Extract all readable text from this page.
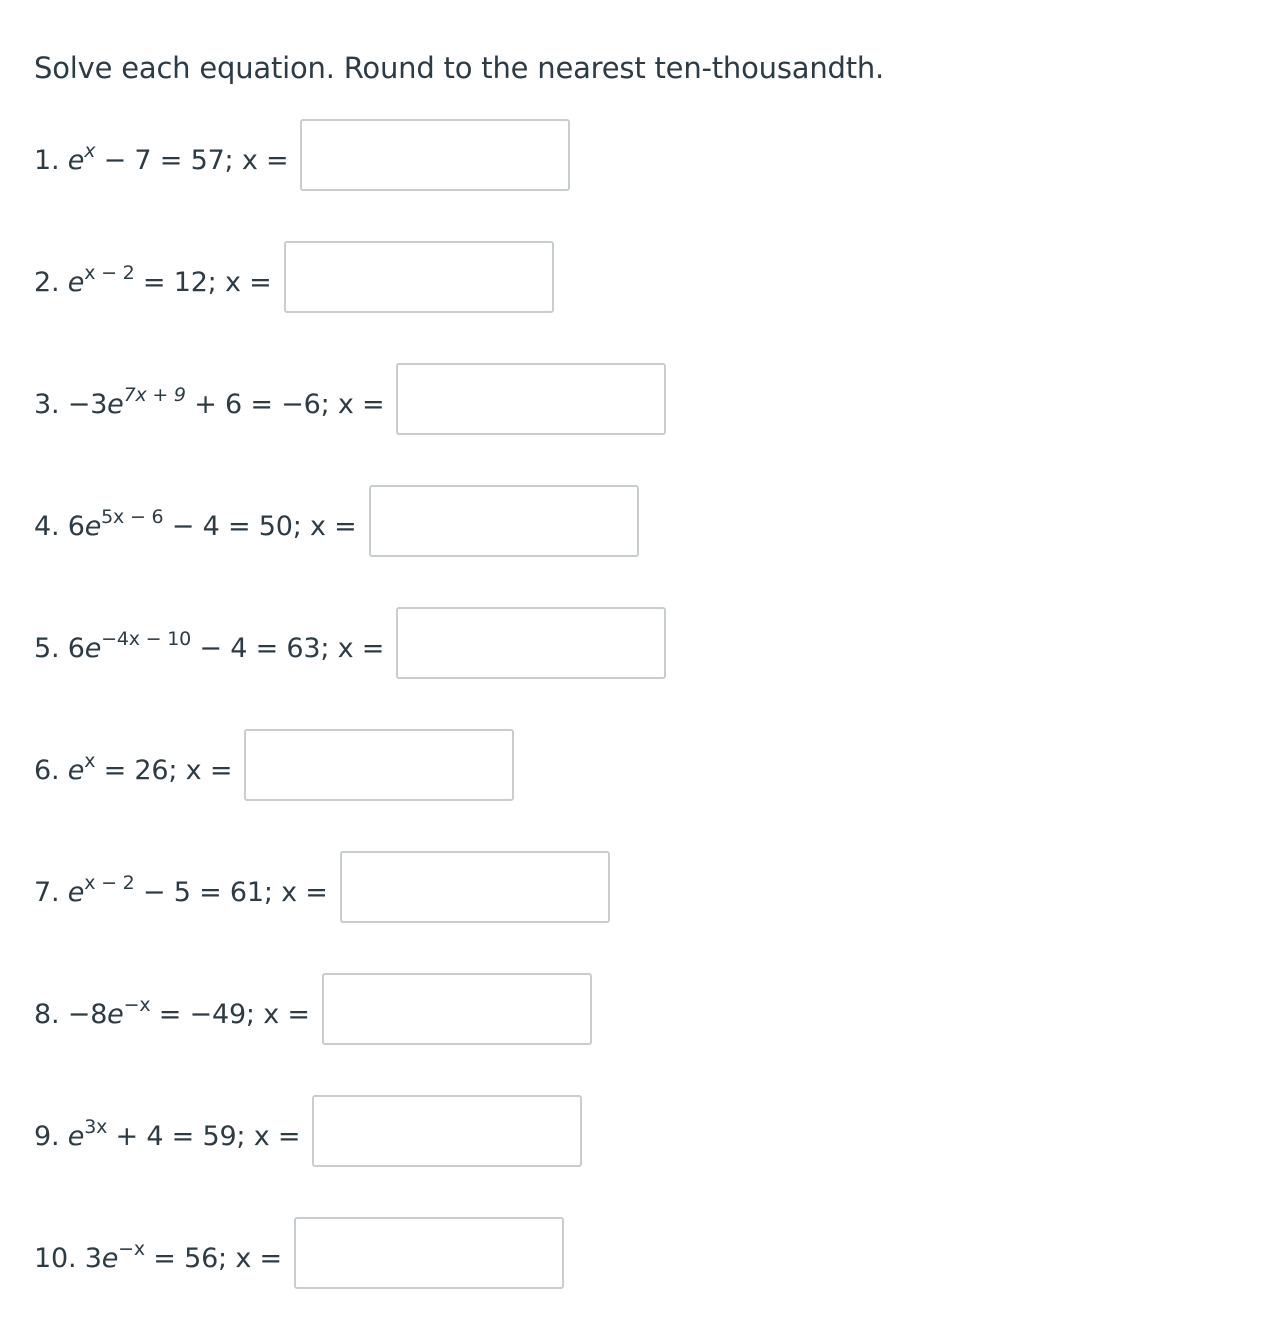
Solve each equation. Round to the nearest ten-thousandth.
1. $e^x - 7 = 57$; x =
2. $e^{x - 2} = 12$; x =
3. $-3e^{7x + 9} + 6 = -6$; x =
4. $6e^{5x - 6} - 4 = 50$; x =
5. $6e^{-4x - 10} - 4 = 63$; x =
6. $e^x = 26$; x =
7. $e^{x - 2} - 5 = 61$; x =
8. $-8e^{-x} = -49$; x =
9. $e^{3x} + 4 = 59$; x =
10. $3e^{-x} = 56$; x =
